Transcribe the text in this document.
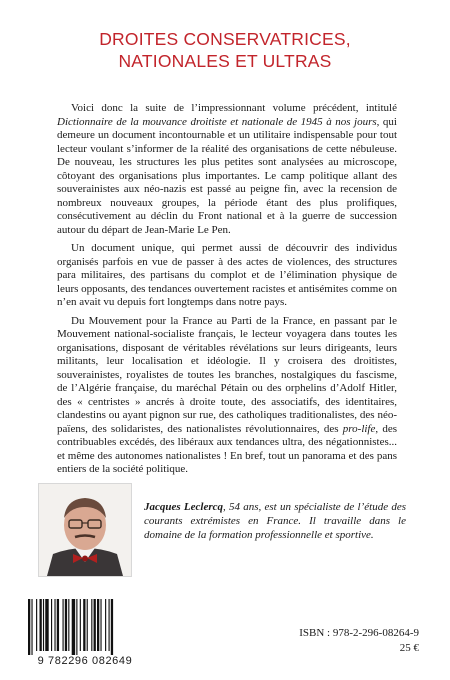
DROITES CONSERVATRICES,
NATIONALES ET ULTRAS

Voici donc la suite de l’impressionnant volume précédent, intitulé Dictionnaire de la mouvance droitiste et nationale de 1945 à nos jours, qui demeure un document incontournable et un utilitaire indispensable pour tout lecteur voulant s’informer de la réalité des organisations de cette nébuleuse. De nouveau, les structures les plus petites sont analysées au microscope, côtoyant des organisations plus importantes. Le camp politique allant des souverainistes aux néo-nazis est passé au peigne fin, avec la recension de nombreux nouveaux groupes, la période étant des plus prolifiques, consécutivement au déclin du Front national et à la guerre de succession autour du départ de Jean-Marie Le Pen.

Un document unique, qui permet aussi de découvrir des individus organisés parfois en vue de passer à des actes de violences, des structures para militaires, des partisans du complot et de l’élimination physique de leurs opposants, des tendances ouvertement racistes et antisémites comme on n’en avait vu depuis fort longtemps dans notre pays.

Du Mouvement pour la France au Parti de la France, en passant par le Mouvement national-socialiste français, le lecteur voyagera dans toutes les organisations, disposant de véritables révélations sur leurs dirigeants, leurs militants, leur localisation et idéologie. Il y croisera des droitistes, souverainistes, royalistes de toutes les branches, nostalgiques du fascisme, de l’Algérie française, du maréchal Pétain ou des orphelins d’Adolf Hitler, des « centristes » ancrés à droite toute, des associatifs, des identitaires, clandestins ou ayant pignon sur rue, des catholiques traditionalistes, des néo-païens, des solidaristes, des nationalistes révolutionnaires, des pro-life, des contribuables excédés, des libéraux aux tendances ultra, des négationnistes... et même des autonomes nationalistes ! En bref, tout un panorama et des pans entiers de la société politique.

Jacques Leclercq, 54 ans, est un spécialiste de l’étude des courants extrémistes en France. Il travaille dans le domaine de la formation professionnelle et sportive.
9 782296 082649
ISBN : 978-2-296-08264-9
25 €
